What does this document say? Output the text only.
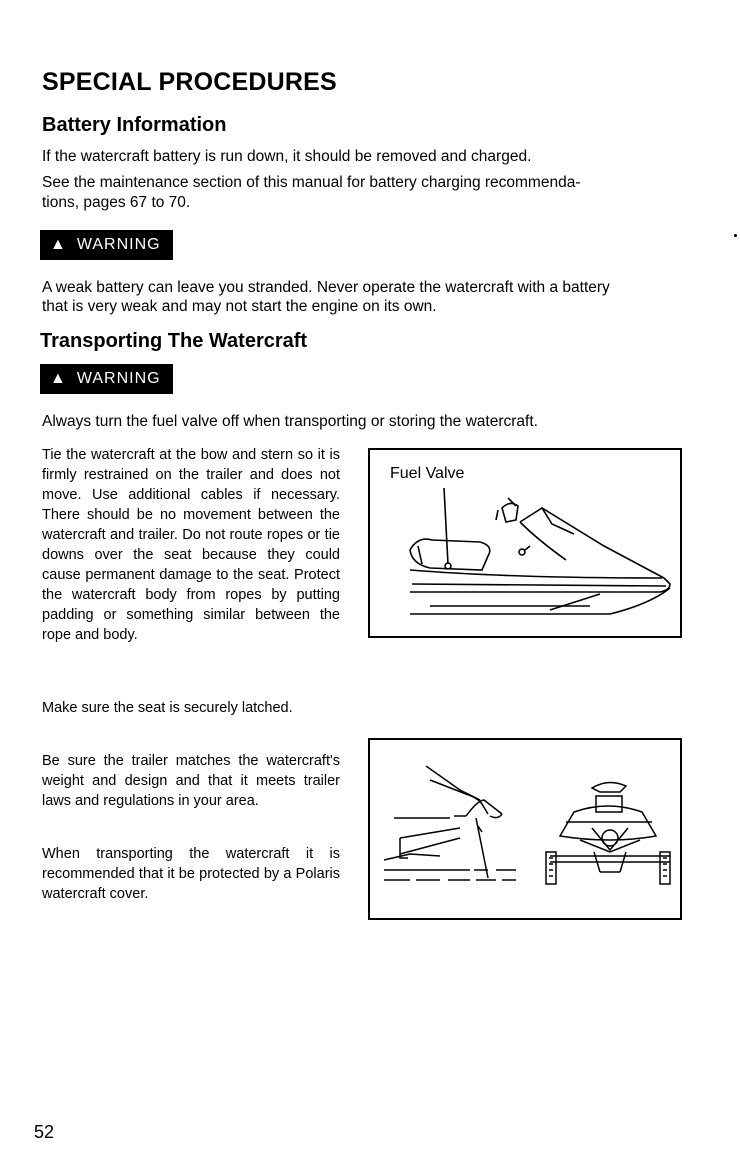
SPECIAL PROCEDURES
Battery Information
If the watercraft battery is run down, it should be removed and charged.
See the maintenance section of this manual for battery charging recommenda-
tions, pages 67 to 70.
▲ WARNING
A weak battery can leave you stranded. Never operate the watercraft with a battery
that is very weak and may not start the engine on its own.
Transporting The Watercraft
▲ WARNING
Always turn the fuel valve off when transporting or storing the watercraft.
Tie the watercraft at the bow and stern so it is firmly restrained on the trailer and does not move. Use additional cables if necessary. There should be no movement between the watercraft and trailer. Do not route ropes or tie downs over the seat because they could cause permanent damage to the seat. Protect the watercraft body from ropes by putting padding or something similar between the rope and body.
Make sure the seat is securely latched.
Be sure the trailer matches the watercraft's weight and design and that it meets trailer laws and regulations in your area.
When transporting the watercraft it is recommended that it be protected by a Polaris watercraft cover.
Fuel Valve
52
